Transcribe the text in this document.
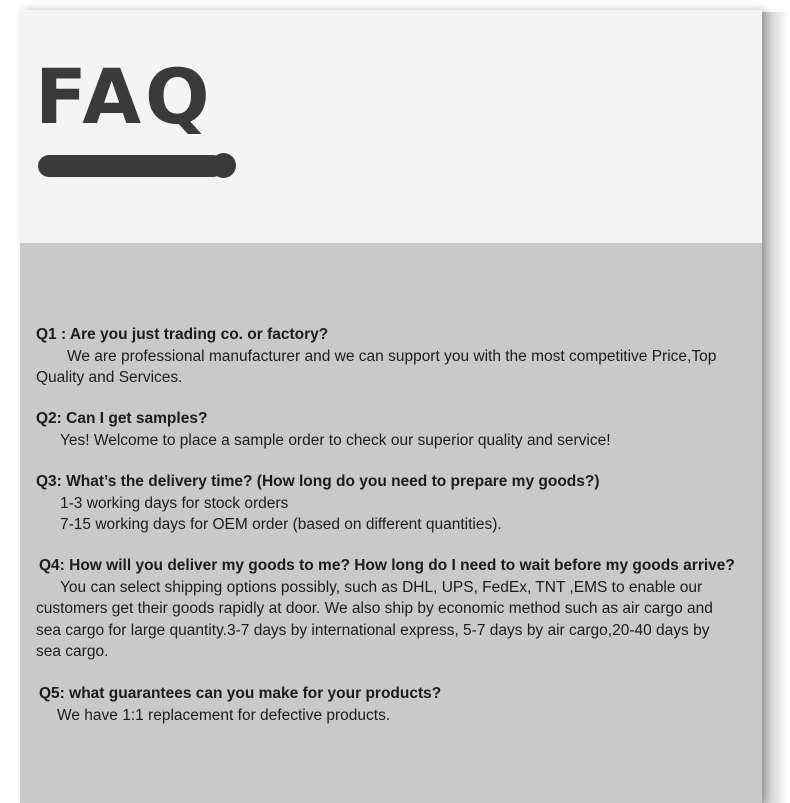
FAQ
Q1 : Are you just trading co. or factory?
We are professional manufacturer and we can support you with the most competitive Price,Top
Quality and Services.
Q2: Can I get samples?
Yes! Welcome to place a sample order to check our superior quality and service!
Q3: What’s the delivery time? (How long do you need to prepare my goods?)
1-3 working days for stock orders
7-15 working days for OEM order (based on different quantities).
Q4: How will you deliver my goods to me? How long do I need to wait before my goods arrive?
You can select shipping options possibly, such as DHL, UPS, FedEx, TNT ,EMS to enable our
customers get their goods rapidly at door. We also ship by economic method such as air cargo and
sea cargo for large quantity.3-7 days by international express, 5-7 days by air cargo,20-40 days by
sea cargo.
Q5: what guarantees can you make for your products?
We have 1:1 replacement for defective products.
